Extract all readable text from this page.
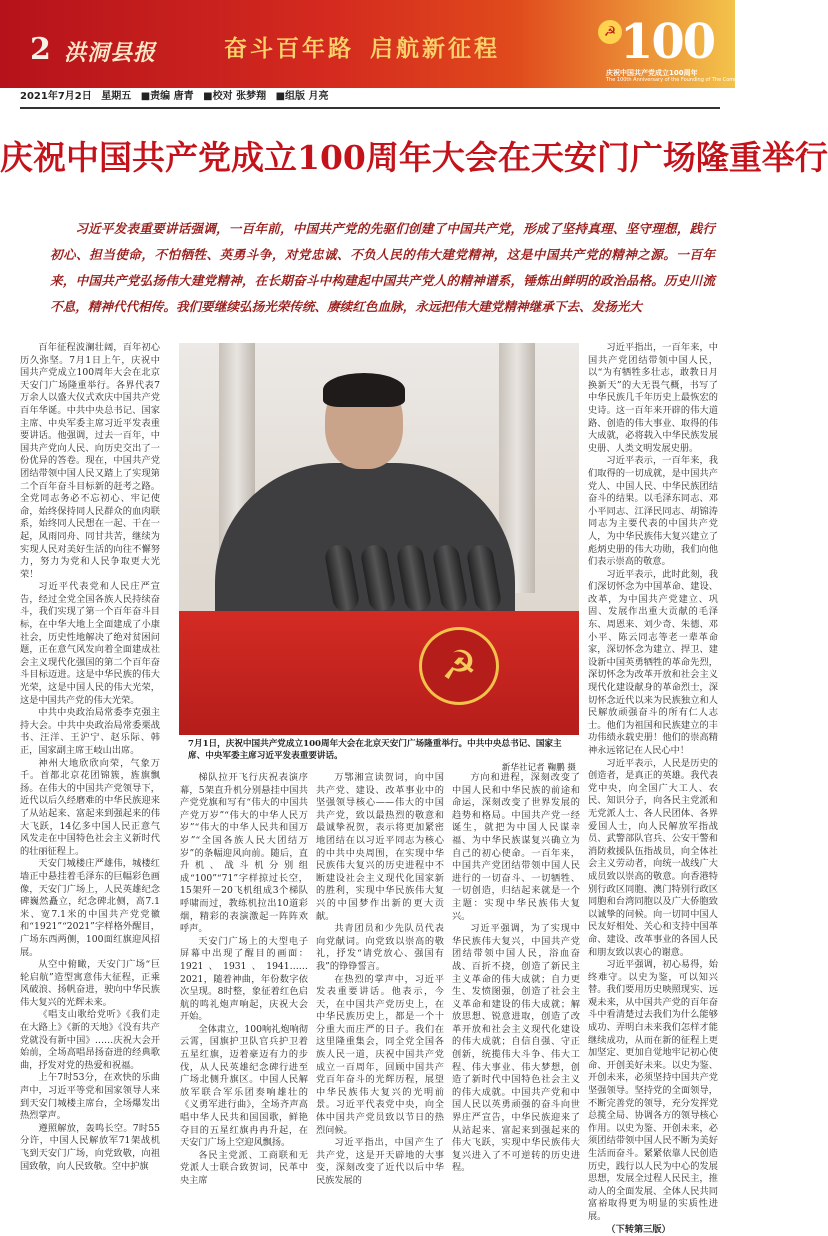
2 洪洞县报	奋斗百年路 启航新征程
☭ 100
庆祝中国共产党成立100周年
The 100th Anniversary of the Founding of The Communist Party of China
2021年7月2日 星期五 ■责编 唐青 ■校对 张梦翔 ■组版 月亮
庆祝中国共产党成立100周年大会在天安门广场隆重举行
习近平发表重要讲话强调，一百年前，中国共产党的先驱们创建了中国共产党，形成了坚持真理、坚守理想，践行初心、担当使命，不怕牺牲、英勇斗争，对党忠诚、不负人民的伟大建党精神，这是中国共产党的精神之源。一百年来，中国共产党弘扬伟大建党精神，在长期奋斗中构建起中国共产党人的精神谱系，锤炼出鲜明的政治品格。历史川流不息，精神代代相传。我们要继续弘扬光荣传统、赓续红色血脉，永远把伟大建党精神继承下去、发扬光大

百年征程波澜壮阔，百年初心历久弥坚。7月1日上午，庆祝中国共产党成立100周年大会在北京天安门广场隆重举行。各界代表7万余人以盛大仪式欢庆中国共产党百年华诞。中共中央总书记、国家主席、中央军委主席习近平发表重要讲话。他强调，过去一百年，中国共产党向人民、向历史交出了一份优异的答卷。现在，中国共产党团结带领中国人民又踏上了实现第二个百年奋斗目标新的赶考之路。全党同志务必不忘初心、牢记使命，始终保持同人民群众的血肉联系，始终同人民想在一起、干在一起，风雨同舟、同甘共苦，继续为实现人民对美好生活的向往不懈努力，努力为党和人民争取更大光荣！

习近平代表党和人民庄严宣告，经过全党全国各族人民持续奋斗，我们实现了第一个百年奋斗目标，在中华大地上全面建成了小康社会，历史性地解决了绝对贫困问题，正在意气风发向着全面建成社会主义现代化强国的第二个百年奋斗目标迈进。这是中华民族的伟大光荣，这是中国人民的伟大光荣，这是中国共产党的伟大光荣。

中共中央政治局常委李克强主持大会。中共中央政治局常委栗战书、汪洋、王沪宁、赵乐际、韩正，国家副主席王岐山出席。

神州大地欣欣向荣，气象万千。首都北京花团锦簇，旌旗飘扬。在伟大的中国共产党领导下，近代以后久经磨难的中华民族迎来了从站起来、富起来到强起来的伟大飞跃，14亿多中国人民正意气风发走在中国特色社会主义新时代的壮丽征程上。

天安门城楼庄严雄伟，城楼红墙正中悬挂着毛泽东的巨幅彩色画像，天安门广场上，人民英雄纪念碑巍然矗立，纪念碑北侧，高7.1米、宽7.1米的中国共产党党徽和“1921”“2021”字样格外醒目，广场东西两侧，100面红旗迎风招展。

从空中俯瞰，天安门广场“巨轮启航”造型寓意伟大征程，正乘风破浪、扬帆奋进，驶向中华民族伟大复兴的光辉未来。

《唱支山歌给党听》《我们走在大路上》《新的天地》《没有共产党就没有新中国》……庆祝大会开始前，全场高唱昂扬奋进的经典歌曲，抒发对党的热爱和祝福。

上午7时53分，在欢快的乐曲声中，习近平等党和国家领导人来到天安门城楼主席台，全场爆发出热烈掌声。

遵照解放，轰鸣长空。7时55分许，中国人民解放军71架战机飞到天安门广场，向党致敬，向祖国致敬，向人民致敬。空中护旗

☭
7月1日，庆祝中国共产党成立100周年大会在北京天安门广场隆重举行。中共中央总书记、国家主席、中央军委主席习近平发表重要讲话。
新华社记者 鞠鹏 摄

梯队拉开飞行庆祝表演序幕，5架直升机分别悬挂中国共产党党旗和写有“伟大的中国共产党万岁”“伟大的中华人民万岁”“伟大的中华人民共和国万岁”“全国各族人民大团结万岁”的条幅迎风向前。随后，直升机、战斗机分别组成“100”“71”字样掠过长空，15架歼－20飞机组成3个梯队呼啸而过，教练机拉出10道彩烟，精彩的表演激起一阵阵欢呼声。

天安门广场上的大型电子屏幕中出现了醒目的画面：1921、1931、1941……2021，随着神曲，年份数字依次呈现。8时整，象征着红色启航的鸣礼炮声响起，庆祝大会开始。

全体肃立，100响礼炮响彻云霄，国旗护卫队官兵护卫着五星红旗，迈着豪迈有力的步伐，从人民英雄纪念碑行进至广场北侧升旗区。中国人民解放军联合军乐团奏响雄壮的《义勇军进行曲》，全场齐声高唱中华人民共和国国歌，鲜艳夺目的五星红旗冉冉升起，在天安门广场上空迎风飘扬。

各民主党派、工商联和无党派人士联合致贺词，民革中央主席

万鄂湘宣读贺词，向中国共产党、建设、改革事业中的坚强领导核心——伟大的中国共产党，致以最热烈的敬意和最诚挚祝贺，表示将更加紧密地团结在以习近平同志为核心的中共中央周围，在实现中华民族伟大复兴的历史进程中不断建设社会主义现代化国家新的胜利，实现中华民族伟大复兴的中国梦作出新的更大贡献。

共青团员和少先队员代表向党献词。向党致以崇高的敬礼，抒发“请党放心、强国有我”的铮铮誓言。

在热烈的掌声中，习近平发表重要讲话。他表示，今天，在中国共产党历史上，在中华民族历史上，都是一个十分重大而庄严的日子。我们在这里隆重集会，同全党全国各族人民一道，庆祝中国共产党成立一百周年，回顾中国共产党百年奋斗的光辉历程，展望中华民族伟大复兴的光明前景。习近平代表党中央，向全体中国共产党员致以节日的热烈问候。

习近平指出，中国产生了共产党，这是开天辟地的大事变，深刻改变了近代以后中华民族发展的

方向和进程，深刻改变了中国人民和中华民族的前途和命运，深刻改变了世界发展的趋势和格局。中国共产党一经诞生，就把为中国人民谋幸福、为中华民族谋复兴确立为自己的初心使命。一百年来，中国共产党团结带领中国人民进行的一切奋斗、一切牺牲、一切创造，归结起来就是一个主题：实现中华民族伟大复兴。

习近平强调，为了实现中华民族伟大复兴，中国共产党团结带领中国人民，浴血奋战、百折不挠，创造了新民主主义革命的伟大成就；自力更生、发愤图强，创造了社会主义革命和建设的伟大成就；解放思想、锐意进取，创造了改革开放和社会主义现代化建设的伟大成就；自信自强、守正创新，统揽伟大斗争、伟大工程、伟大事业、伟大梦想，创造了新时代中国特色社会主义的伟大成就。中国共产党和中国人民以英勇顽强的奋斗向世界庄严宣告，中华民族迎来了从站起来、富起来到强起来的伟大飞跃，实现中华民族伟大复兴进入了不可逆转的历史进程。

习近平指出，一百年来，中国共产党团结带领中国人民，以“为有牺牲多壮志，敢教日月换新天”的大无畏气概，书写了中华民族几千年历史上最恢宏的史诗。这一百年来开辟的伟大道路、创造的伟大事业、取得的伟大成就，必将载入中华民族发展史册、人类文明发展史册。

习近平表示，一百年来，我们取得的一切成就，是中国共产党人、中国人民、中华民族团结奋斗的结果。以毛泽东同志、邓小平同志、江泽民同志、胡锦涛同志为主要代表的中国共产党人，为中华民族伟大复兴建立了彪炳史册的伟大功勋，我们向他们表示崇高的敬意。

习近平表示，此时此刻，我们深切怀念为中国革命、建设、改革，为中国共产党建立、巩固、发展作出重大贡献的毛泽东、周恩来、刘少奇、朱德、邓小平、陈云同志等老一辈革命家，深切怀念为建立、捍卫、建设新中国英勇牺牲的革命先烈，深切怀念为改革开放和社会主义现代化建设献身的革命烈士，深切怀念近代以来为民族独立和人民解放顽强奋斗的所有仁人志士。他们为祖国和民族建立的丰功伟绩永载史册！他们的崇高精神永远铭记在人民心中！

习近平表示，人民是历史的创造者，是真正的英雄。我代表党中央，向全国广大工人、农民、知识分子，向各民主党派和无党派人士、各人民团体、各界爱国人士，向人民解放军指战员、武警部队官兵、公安干警和消防救援队伍指战员，向全体社会主义劳动者，向统一战线广大成员致以崇高的敬意。向香港特别行政区同胞、澳门特别行政区同胞和台湾同胞以及广大侨胞致以诚挚的问候。向一切同中国人民友好相处、关心和支持中国革命、建设、改革事业的各国人民和朋友致以衷心的谢意。

习近平强调，初心易得，始终难守。以史为鉴，可以知兴替。我们要用历史映照现实、远观未来，从中国共产党的百年奋斗中看清楚过去我们为什么能够成功、弄明白未来我们怎样才能继续成功，从而在新的征程上更加坚定、更加自觉地牢记初心使命、开创美好未来。以史为鉴、开创未来，必须坚持中国共产党坚强领导。坚持党的全面领导，不断完善党的领导，充分发挥党总揽全局、协调各方的领导核心作用。以史为鉴、开创未来，必须团结带领中国人民不断为美好生活而奋斗。紧紧依靠人民创造历史，践行以人民为中心的发展思想，发展全过程人民民主，推动人的全面发展、全体人民共同富裕取得更为明显的实质性进展。

（下转第三版）
